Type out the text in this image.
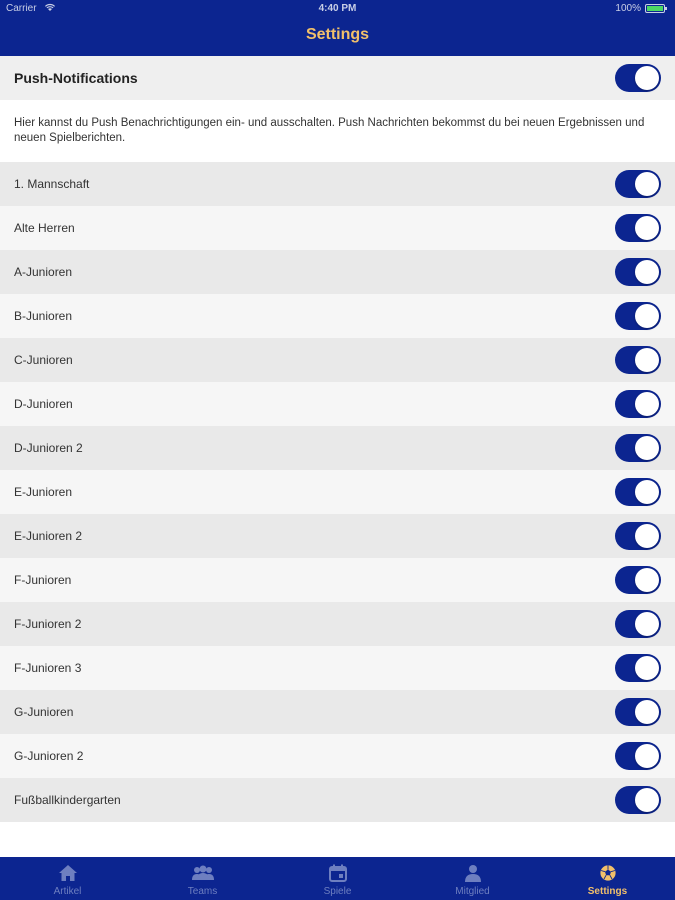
Carrier	4:40 PM	100%
Settings
Push-Notifications
Hier kannst du Push Benachrichtigungen ein- und ausschalten. Push Nachrichten bekommst du bei neuen Ergebnissen und neuen Spielberichten.
1. Mannschaft
Alte Herren
A-Junioren
B-Junioren
C-Junioren
D-Junioren
D-Junioren 2
E-Junioren
E-Junioren 2
F-Junioren
F-Junioren 2
F-Junioren 3
G-Junioren
G-Junioren 2
Fußballkindergarten
Artikel	Teams	Spiele	Mitglied	Settings
